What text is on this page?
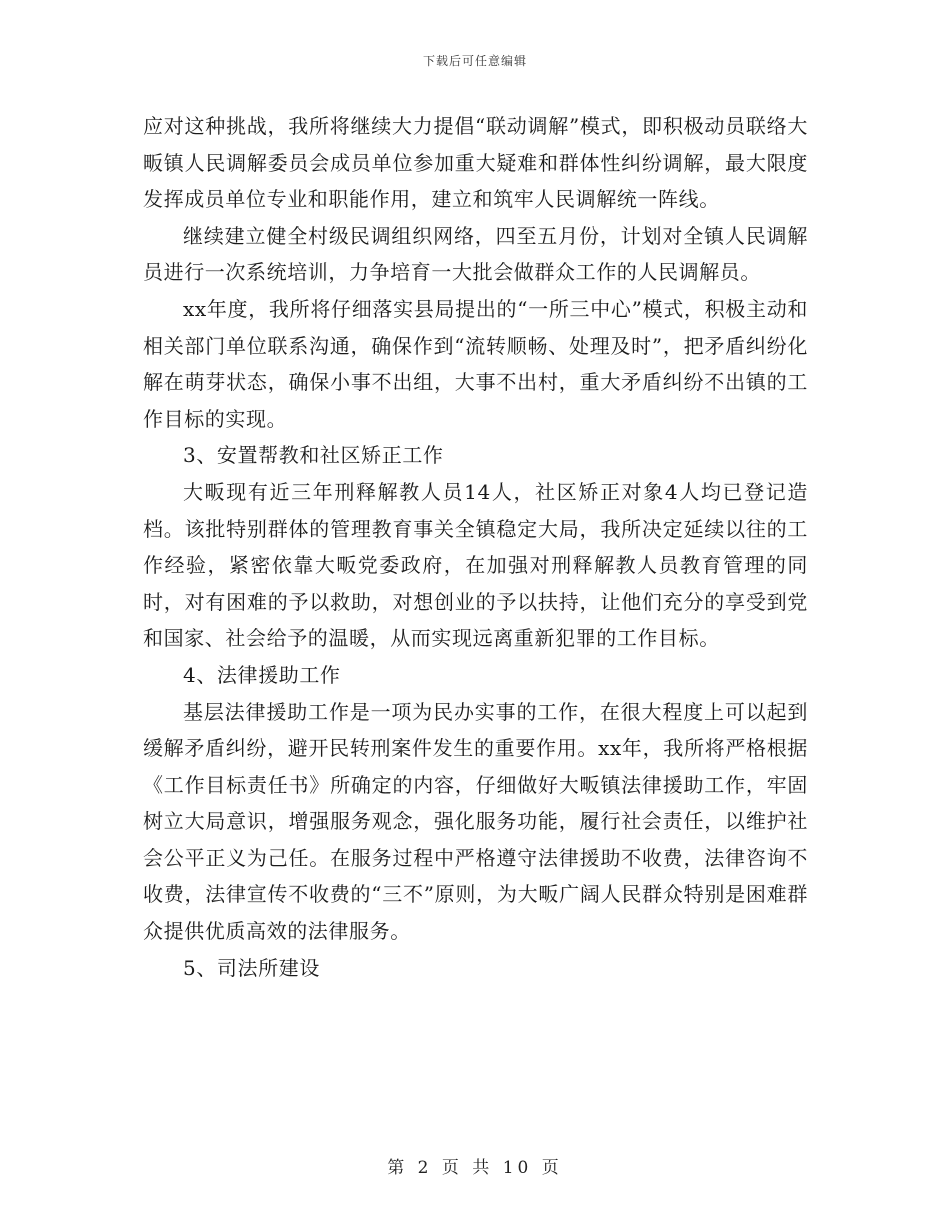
下载后可任意编辑

应对这种挑战，我所将继续大力提倡“联动调解”模式，即积极动员联络大畈镇人民调解委员会成员单位参加重大疑难和群体性纠纷调解，最大限度发挥成员单位专业和职能作用，建立和筑牢人民调解统一阵线。

继续建立健全村级民调组织网络，四至五月份，计划对全镇人民调解员进行一次系统培训，力争培育一大批会做群众工作的人民调解员。

xx年度，我所将仔细落实县局提出的“一所三中心”模式，积极主动和相关部门单位联系沟通，确保作到“流转顺畅、处理及时”，把矛盾纠纷化解在萌芽状态，确保小事不出组，大事不出村，重大矛盾纠纷不出镇的工作目标的实现。

3、安置帮教和社区矫正工作

大畈现有近三年刑释解教人员14人，社区矫正对象4人均已登记造档。该批特别群体的管理教育事关全镇稳定大局，我所决定延续以往的工作经验，紧密依靠大畈党委政府，在加强对刑释解教人员教育管理的同时，对有困难的予以救助，对想创业的予以扶持，让他们充分的享受到党和国家、社会给予的温暖，从而实现远离重新犯罪的工作目标。

4、法律援助工作

基层法律援助工作是一项为民办实事的工作，在很大程度上可以起到缓解矛盾纠纷，避开民转刑案件发生的重要作用。xx年，我所将严格根据《工作目标责任书》所确定的内容，仔细做好大畈镇法律援助工作，牢固树立大局意识，增强服务观念，强化服务功能，履行社会责任，以维护社会公平正义为己任。在服务过程中严格遵守法律援助不收费，法律咨询不收费，法律宣传不收费的“三不”原则，为大畈广阔人民群众特别是困难群众提供优质高效的法律服务。

5、司法所建设

第 2 页 共 10 页
